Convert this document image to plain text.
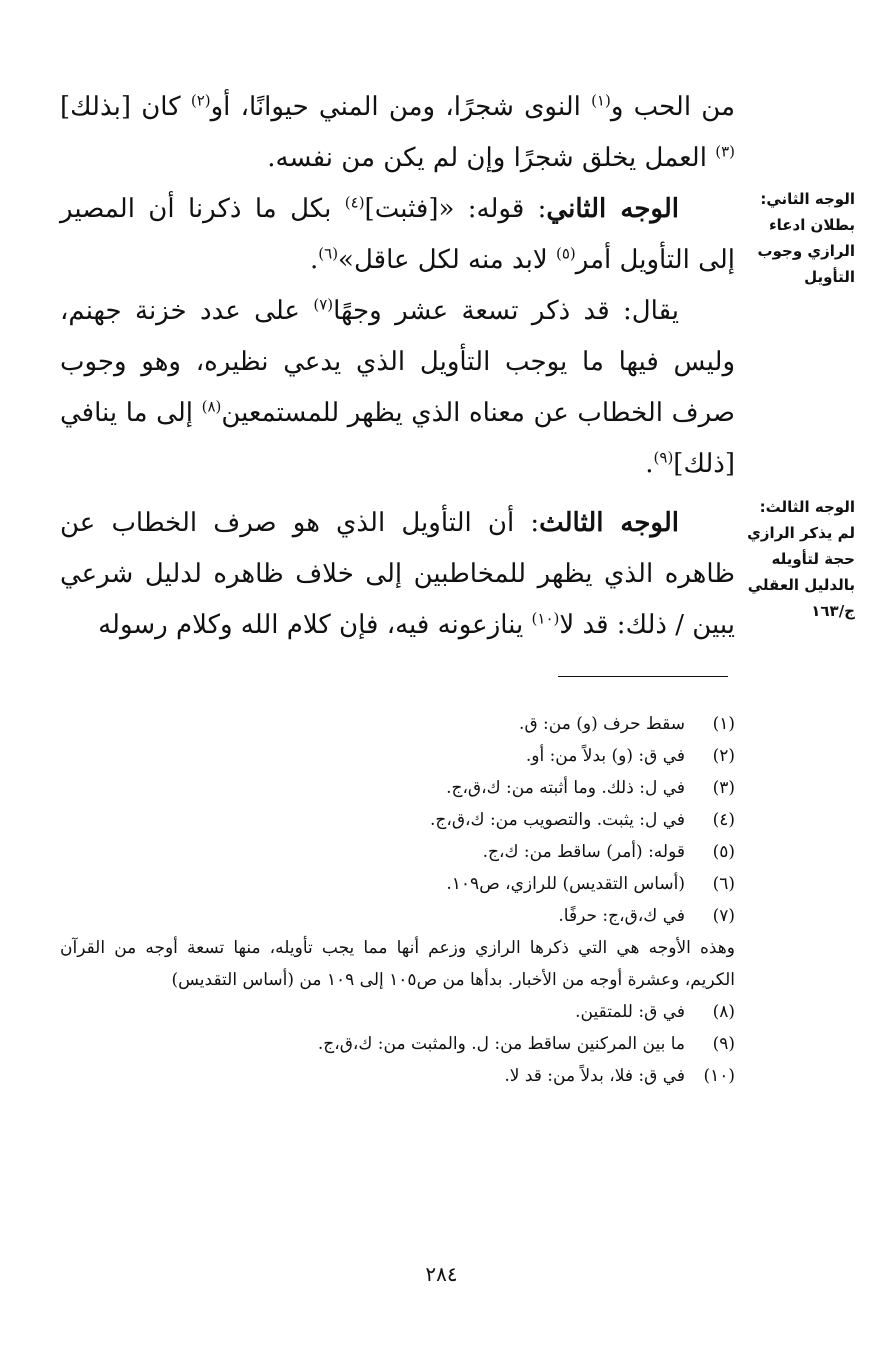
من الحب و$^{(١)}$ النوى شجرًا، ومن المني حيوانًا، أو$^{(٢)}$ كان [بذلك]$^{(٣)}$ العمل يخلق شجرًا وإن لم يكن من نفسه.

الوجه الثاني: قوله: «[فثبت]$^{(٤)}$ بكل ما ذكرنا أن المصير إلى التأويل أمر$^{(٥)}$ لابد منه لكل عاقل»$^{(٦)}$.

يقال: قد ذكر تسعة عشر وجهًا$^{(٧)}$ على عدد خزنة جهنم، وليس فيها ما يوجب التأويل الذي يدعي نظيره، وهو وجوب صرف الخطاب عن معناه الذي يظهر للمستمعين$^{(٨)}$ إلى ما ينافي [ذلك]$^{(٩)}$.

الوجه الثالث: أن التأويل الذي هو صرف الخطاب عن ظاهره الذي يظهر للمخاطبين إلى خلاف ظاهره لدليل شرعي يبين / ذلك: قد لا$^{(١٠)}$ ينازعونه فيه، فإن كلام الله وكلام رسوله

الوجه الثاني:

بطلان ادعاء

الرازي وجوب

التأويل

الوجه الثالث:

لم يذكر الرازي

حجة لتأويله

بالدليل العقلي

ج/١٦٣

(١)
سقط حرف (و) من: ق.
(٢)
في ق: (و) بدلاً من: أو.
(٣)
في ل: ذلك. وما أثبته من: ك،ق،ج.
(٤)
في ل: يثبت. والتصويب من: ك،ق،ج.
(٥)
قوله: (أمر) ساقط من: ك،ج.
(٦)
(أساس التقديس) للرازي، ص١٠٩.
(٧)
في ك،ق،ج: حرفًا.

وهذه الأوجه هي التي ذكرها الرازي وزعم أنها مما يجب تأويله، منها تسعة أوجه من القرآن الكريم، وعشرة أوجه من الأخبار. بدأها من ص١٠٥ إلى ١٠٩ من (أساس التقديس)

(٨)
في ق: للمتقين.
(٩)
ما بين المركنين ساقط من: ل. والمثبت من: ك،ق،ج.
(١٠)
في ق: فلا، بدلاً من: قد لا.
٢٨٤
